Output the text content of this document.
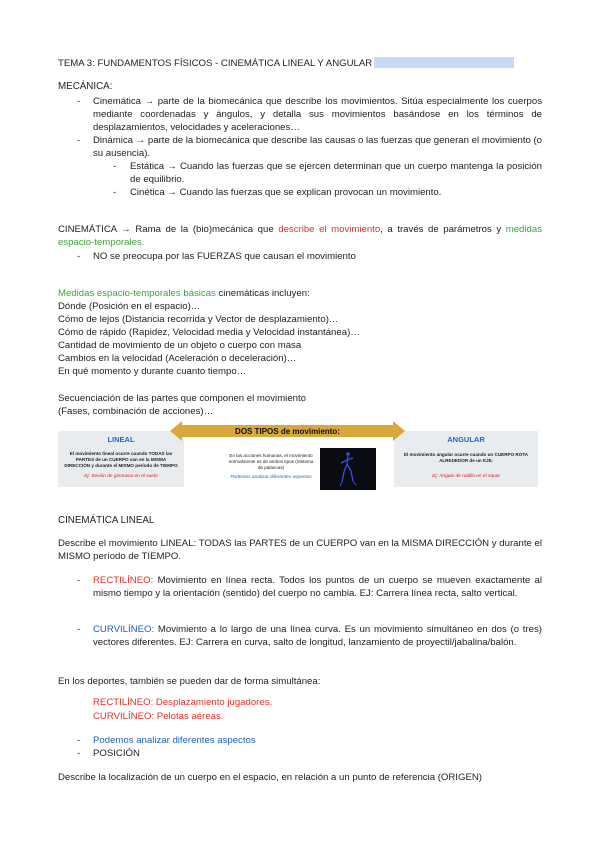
TEMA 3: FUNDAMENTOS FÍSICOS - CINEMÁTICA LINEAL Y ANGULAR
MECÁNICA:
- Cinemática → parte de la biomecánica que describe los movimientos. Sitúa especialmente los cuerpos mediante coordenadas y ángulos, y detalla sus movimientos basándose en los términos de desplazamientos, velocidades y aceleraciones…
- Dinámica → parte de la biomecánica que describe las causas o las fuerzas que generan el movimiento (o su ausencia).
- Estática → Cuando las fuerzas que se ejercen determinan que un cuerpo mantenga la posición de equilibrio.
- Cinética → Cuando las fuerzas que se explican provocan un movimiento.
CINEMÁTICA → Rama de la (bio)mecánica que describe el movimiento, a través de parámetros y medidas espacio-temporales.
- NO se preocupa por las FUERZAS que causan el movimiento
Medidas espacio-temporales básicas cinemáticas incluyen:
Dónde (Posición en el espacio)…
Cómo de lejos (Distancia recorrida y Vector de desplazamiento)…
Cómo de rápido (Rapidez, Velocidad media y Velocidad instantánea)…
Cantidad de movimiento de un objeto o cuerpo con masa
Cambios en la velocidad (Aceleración o deceleración)…
En qué momento y durante cuanto tiempo…
Secuenciación de las partes que componen el movimiento
(Fases, combinación de acciones)…
LINEAL
El movimiento lineal ocurre cuando TODAS las PARTES de un CUERPO van en la MISMA DIRECCIÓN y durante el MISMO período de TIEMPO
Ej: Sesión de gimnasia en el suelo
En las acciones humanas, el movimiento normalmente es de ambos tipos (Sistema de palancas)
Podemos analizar diferentes aspectos
ANGULAR
El movimiento angular ocurre cuando un CUERPO ROTA ALREDEDOR de un EJE.
Ej: Ángulo de rodilla en el squat
DOS TIPOS de movimiento:
CINEMÁTICA LINEAL
Describe el movimiento LINEAL: TODAS las PARTES de un CUERPO van en la MISMA DIRECCIÓN y durante el MISMO período de TIEMPO.
- RECTILÍNEO: Movimiento en línea recta. Todos los puntos de un cuerpo se mueven exactamente al mismo tiempo y la orientación (sentido) del cuerpo no cambia. EJ: Carrera línea recta, salto vertical.
- CURVILÍNEO: Movimiento a lo largo de una línea curva. Es un movimiento simultáneo en dos (o tres) vectores diferentes. EJ: Carrera en curva, salto de longitud, lanzamiento de proyectil/jabalina/balón.
En los deportes, también se pueden dar de forma simultánea:
RECTILÍNEO: Desplazamiento jugadores.
CURVILÍNEO: Pelotas aéreas.
- Podemos analizar diferentes aspectos
- POSICIÓN
Describe la localización de un cuerpo en el espacio, en relación a un punto de referencia (ORIGEN)
